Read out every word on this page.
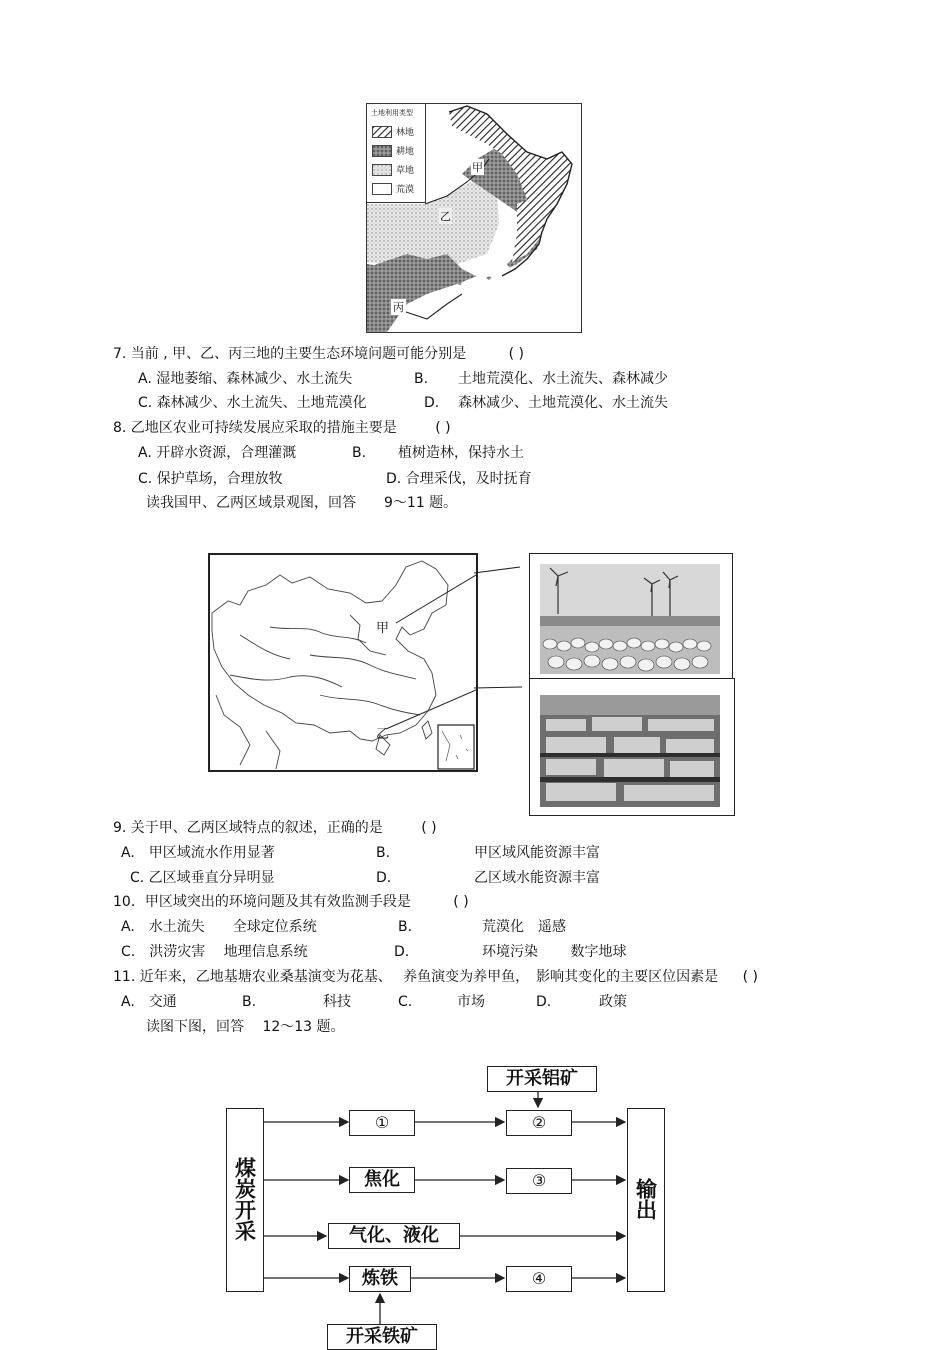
土地利用类型
林地
耕地
草地
荒漠
甲
乙
丙
7. 当前 , 甲、乙、丙三地的主要生态环境问题可能分别是	( )
A. 湿地萎缩、森林减少、水土流失	B. 土地荒漠化、水土流失、森林减少
C. 森林减少、水土流失、土地荒漠化	D. 森林减少、土地荒漠化、水土流失
8. 乙地区农业可持续发展应采取的措施主要是	( )
A. 开辟水资源，合理灌溉	B. 植树造林，保持水土
C. 保护草场，合理放牧	D. 合理采伐，及时抚育
读我国甲、乙两区域景观图，回答　　9～11 题。
甲
乙
9. 关于甲、乙两区域特点的叙述，正确的是	( )
A.　甲区域流水作用显著	B.	甲区域风能资源丰富
C. 乙区域垂直分异明显	D.	乙区域水能资源丰富
10．甲区域突出的环境问题及其有效监测手段是	( )
A.　水土流失　　全球定位系统	B.	荒漠化　遥感
C.　洪涝灾害　 地理信息系统	D.	环境污染　　 数字地球
11. 近年来，乙地基塘农业桑基演变为花基、　 养鱼演变为养甲鱼，　影响其变化的主要区位因素是 ( )
A.　交通	B.	科技	C.	市场	D.	政策
读图下图，回答　 12～13 题。
煤炭开采	输出
开采铝矿
开采铁矿
①	②
焦化	③
气化、液化
炼铁	④
